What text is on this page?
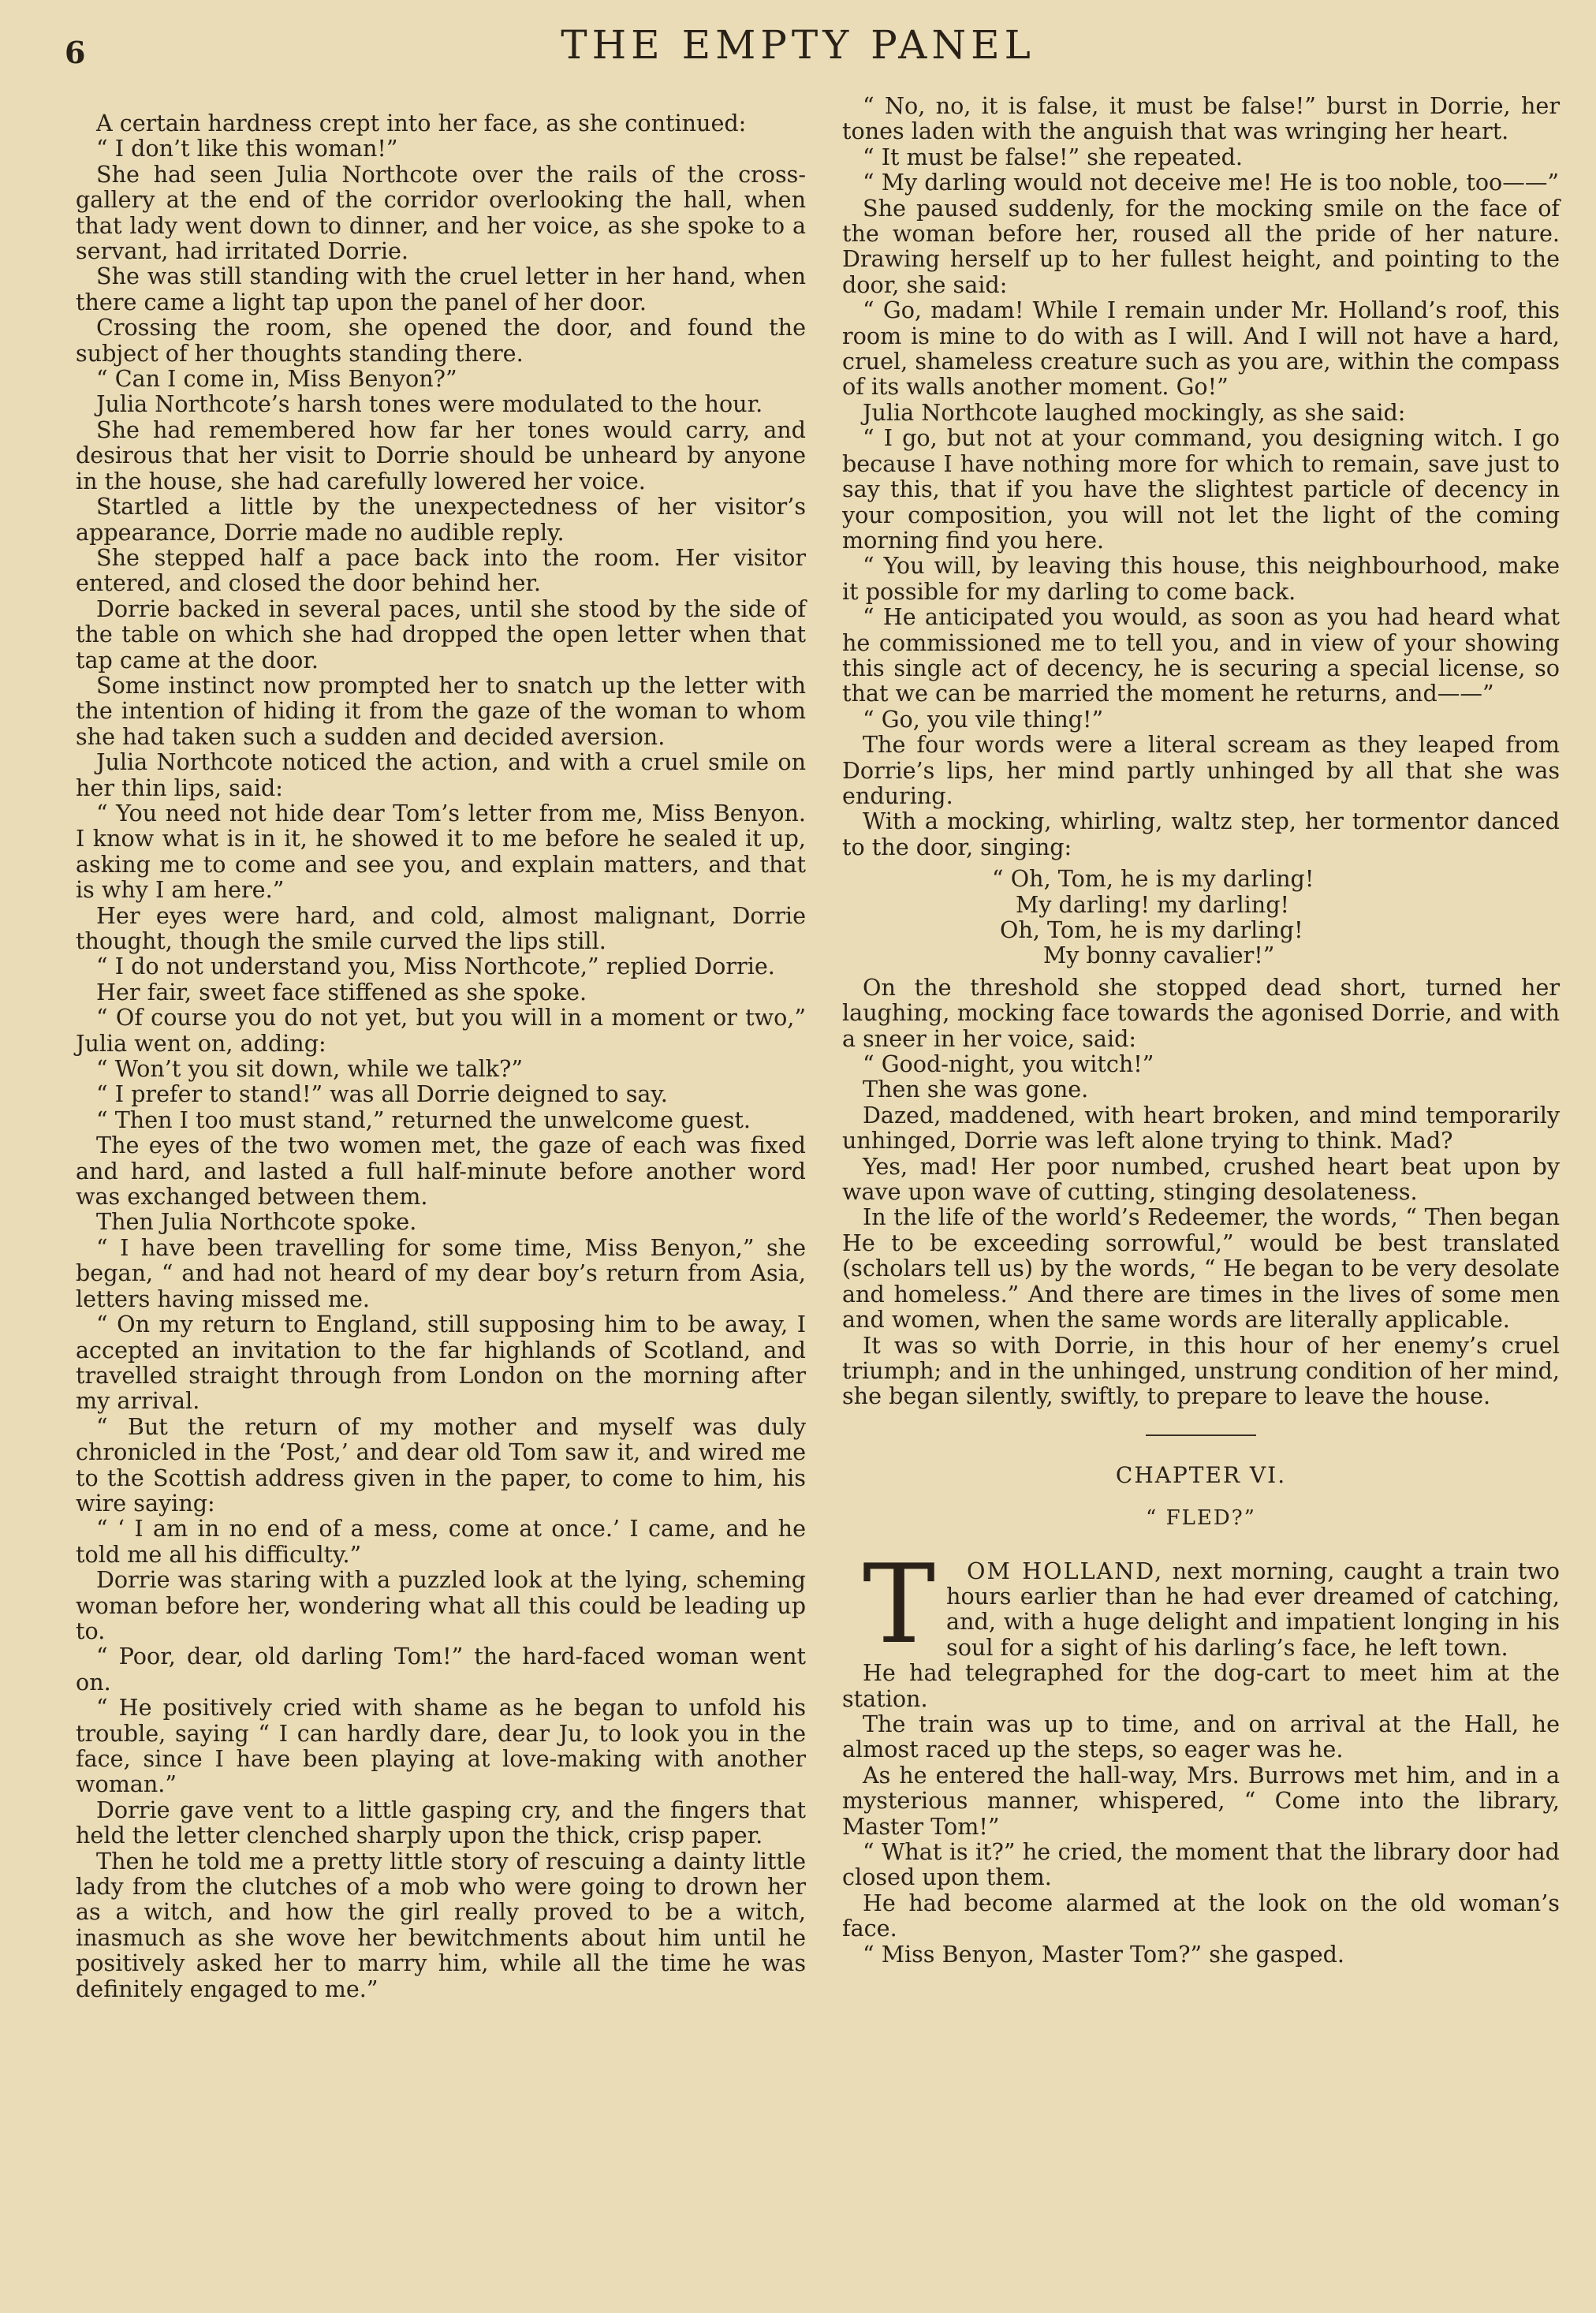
6	THE EMPTY PANEL

A certain hardness crept into her face, as she continued:

“ I don’t like this woman!”

She had seen Julia Northcote over the rails of the cross-gallery at the end of the corridor overlooking the hall, when that lady went down to dinner, and her voice, as she spoke to a servant, had irritated Dorrie.

She was still standing with the cruel letter in her hand, when there came a light tap upon the panel of her door.

Crossing the room, she opened the door, and found the subject of her thoughts standing there.

“ Can I come in, Miss Benyon?”

Julia Northcote’s harsh tones were modulated to the hour.

She had remembered how far her tones would carry, and desirous that her visit to Dorrie should be unheard by anyone in the house, she had carefully lowered her voice.

Startled a little by the unexpectedness of her visitor’s appearance, Dorrie made no audible reply.

She stepped half a pace back into the room. Her visitor entered, and closed the door behind her.

Dorrie backed in several paces, until she stood by the side of the table on which she had dropped the open letter when that tap came at the door.

Some instinct now prompted her to snatch up the letter with the intention of hiding it from the gaze of the woman to whom she had taken such a sudden and decided aversion.

Julia Northcote noticed the action, and with a cruel smile on her thin lips, said:

“ You need not hide dear Tom’s letter from me, Miss Benyon. I know what is in it, he showed it to me before he sealed it up, asking me to come and see you, and explain matters, and that is why I am here.”

Her eyes were hard, and cold, almost malignant, Dorrie thought, though the smile curved the lips still.

“ I do not understand you, Miss Northcote,” replied Dorrie.

Her fair, sweet face stiffened as she spoke.

“ Of course you do not yet, but you will in a moment or two,” Julia went on, adding:

“ Won’t you sit down, while we talk?”

“ I prefer to stand!” was all Dorrie deigned to say.

“ Then I too must stand,” returned the unwelcome guest.

The eyes of the two women met, the gaze of each was fixed and hard, and lasted a full half-minute before another word was exchanged between them.

Then Julia Northcote spoke.

“ I have been travelling for some time, Miss Benyon,” she began, “ and had not heard of my dear boy’s return from Asia, letters having missed me.

“ On my return to England, still supposing him to be away, I accepted an invitation to the far highlands of Scotland, and travelled straight through from London on the morning after my arrival.

“ But the return of my mother and myself was duly chronicled in the ‘Post,’ and dear old Tom saw it, and wired me to the Scottish address given in the paper, to come to him, his wire saying:

“ ‘ I am in no end of a mess, come at once.’ I came, and he told me all his difficulty.”

Dorrie was staring with a puzzled look at the lying, scheming woman before her, wondering what all this could be leading up to.

“ Poor, dear, old darling Tom!” the hard-faced woman went on.

“ He positively cried with shame as he began to unfold his trouble, saying “ I can hardly dare, dear Ju, to look you in the face, since I have been playing at love-making with another woman.”

Dorrie gave vent to a little gasping cry, and the fingers that held the letter clenched sharply upon the thick, crisp paper.

Then he told me a pretty little story of rescuing a dainty little lady from the clutches of a mob who were going to drown her as a witch, and how the girl really proved to be a witch, inasmuch as she wove her bewitchments about him until he positively asked her to marry him, while all the time he was definitely engaged to me.”

“ No, no, it is false, it must be false!” burst in Dorrie, her tones laden with the anguish that was wringing her heart.

“ It must be false!” she repeated.

“ My darling would not deceive me! He is too noble, too——”

She paused suddenly, for the mocking smile on the face of the woman before her, roused all the pride of her nature. Drawing herself up to her fullest height, and pointing to the door, she said:

“ Go, madam! While I remain under Mr. Holland’s roof, this room is mine to do with as I will. And I will not have a hard, cruel, shameless creature such as you are, within the compass of its walls another moment. Go!”

Julia Northcote laughed mockingly, as she said:

“ I go, but not at your command, you designing witch. I go because I have nothing more for which to remain, save just to say this, that if you have the slightest particle of decency in your composition, you will not let the light of the coming morning find you here.

“ You will, by leaving this house, this neighbourhood, make it possible for my darling to come back.

“ He anticipated you would, as soon as you had heard what he commissioned me to tell you, and in view of your showing this single act of decency, he is securing a special license, so that we can be married the moment he returns, and——”

“ Go, you vile thing!”

The four words were a literal scream as they leaped from Dorrie’s lips, her mind partly unhinged by all that she was enduring.

With a mocking, whirling, waltz step, her tormentor danced to the door, singing:

“ Oh, Tom, he is my darling!
My darling! my darling!
Oh, Tom, he is my darling!
My bonny cavalier!”

On the threshold she stopped dead short, turned her laughing, mocking face towards the agonised Dorrie, and with a sneer in her voice, said:

“ Good-night, you witch!”

Then she was gone.

Dazed, maddened, with heart broken, and mind temporarily unhinged, Dorrie was left alone trying to think. Mad?

Yes, mad! Her poor numbed, crushed heart beat upon by wave upon wave of cutting, stinging desolateness.

In the life of the world’s Redeemer, the words, “ Then began He to be exceeding sorrowful,” would be best translated (scholars tell us) by the words, “ He began to be very desolate and homeless.” And there are times in the lives of some men and women, when the same words are literally applicable.

It was so with Dorrie, in this hour of her enemy’s cruel triumph; and in the unhinged, unstrung condition of her mind, she began silently, swiftly, to prepare to leave the house.

CHAPTER VI.
“ FLED?”

T OM HOLLAND, next morning, caught a train two hours earlier than he had ever dreamed of catching, and, with a huge delight and impatient longing in his soul for a sight of his darling’s face, he left town.

He had telegraphed for the dog-cart to meet him at the station.

The train was up to time, and on arrival at the Hall, he almost raced up the steps, so eager was he.

As he entered the hall-way, Mrs. Burrows met him, and in a mysterious manner, whispered, “ Come into the library, Master Tom!”

“ What is it?” he cried, the moment that the library door had closed upon them.

He had become alarmed at the look on the old woman’s face.

“ Miss Benyon, Master Tom?” she gasped.
